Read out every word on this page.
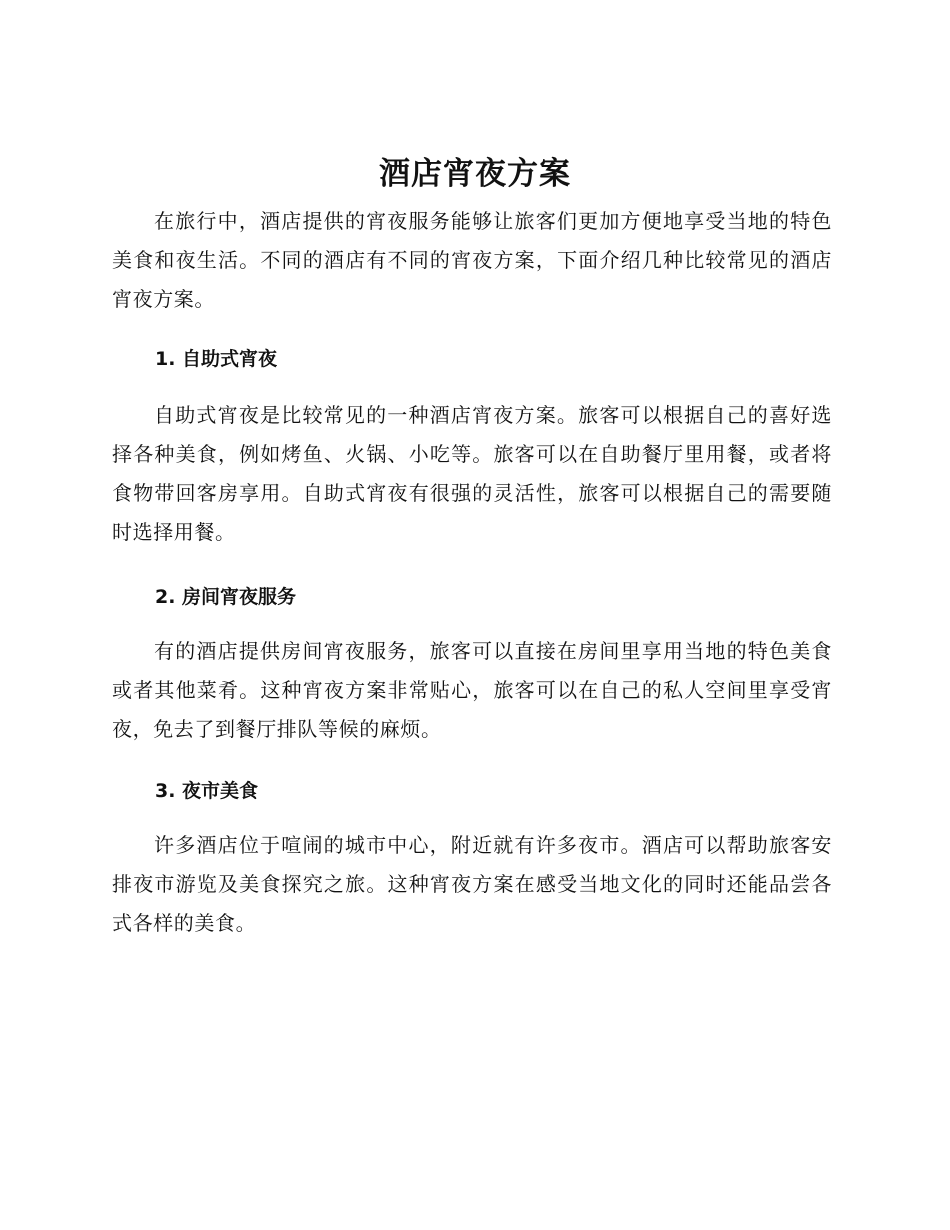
酒店宵夜方案

在旅行中，酒店提供的宵夜服务能够让旅客们更加方便地享受当地的特色美食和夜生活。不同的酒店有不同的宵夜方案，下面介绍几种比较常见的酒店宵夜方案。

1. 自助式宵夜

自助式宵夜是比较常见的一种酒店宵夜方案。旅客可以根据自己的喜好选择各种美食，例如烤鱼、火锅、小吃等。旅客可以在自助餐厅里用餐，或者将食物带回客房享用。自助式宵夜有很强的灵活性，旅客可以根据自己的需要随时选择用餐。

2. 房间宵夜服务

有的酒店提供房间宵夜服务，旅客可以直接在房间里享用当地的特色美食或者其他菜肴。这种宵夜方案非常贴心，旅客可以在自己的私人空间里享受宵夜，免去了到餐厅排队等候的麻烦。

3. 夜市美食

许多酒店位于喧闹的城市中心，附近就有许多夜市。酒店可以帮助旅客安排夜市游览及美食探究之旅。这种宵夜方案在感受当地文化的同时还能品尝各式各样的美食。
